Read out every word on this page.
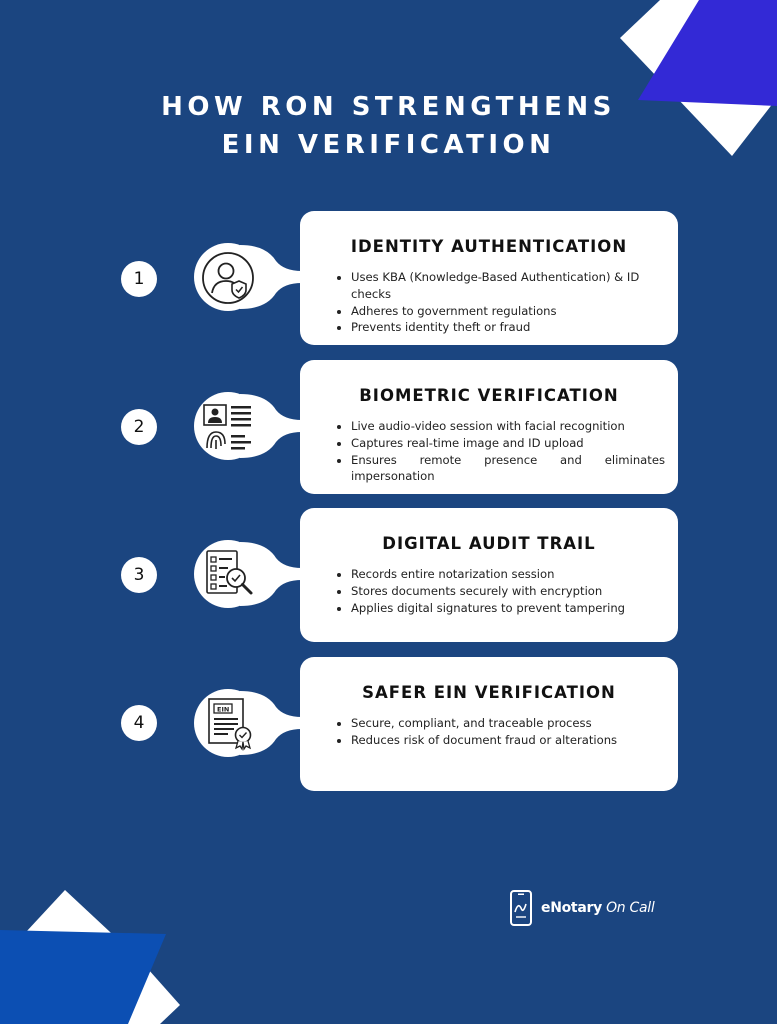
HOW RON STRENGTHENS
EIN VERIFICATION
1
IDENTITY AUTHENTICATION
• Uses KBA (Knowledge-Based Authentication) & ID checks
• Adheres to government regulations
• Prevents identity theft or fraud
2
BIOMETRIC VERIFICATION
• Live audio-video session with facial recognition
• Captures real-time image and ID upload
• Ensures remote presence and eliminates impersonation
3
DIGITAL AUDIT TRAIL
• Records entire notarization session
• Stores documents securely with encryption
• Applies digital signatures to prevent tampering
4
EIN
SAFER EIN VERIFICATION
• Secure, compliant, and traceable process
• Reduces risk of document fraud or alterations
eNotary On Call
